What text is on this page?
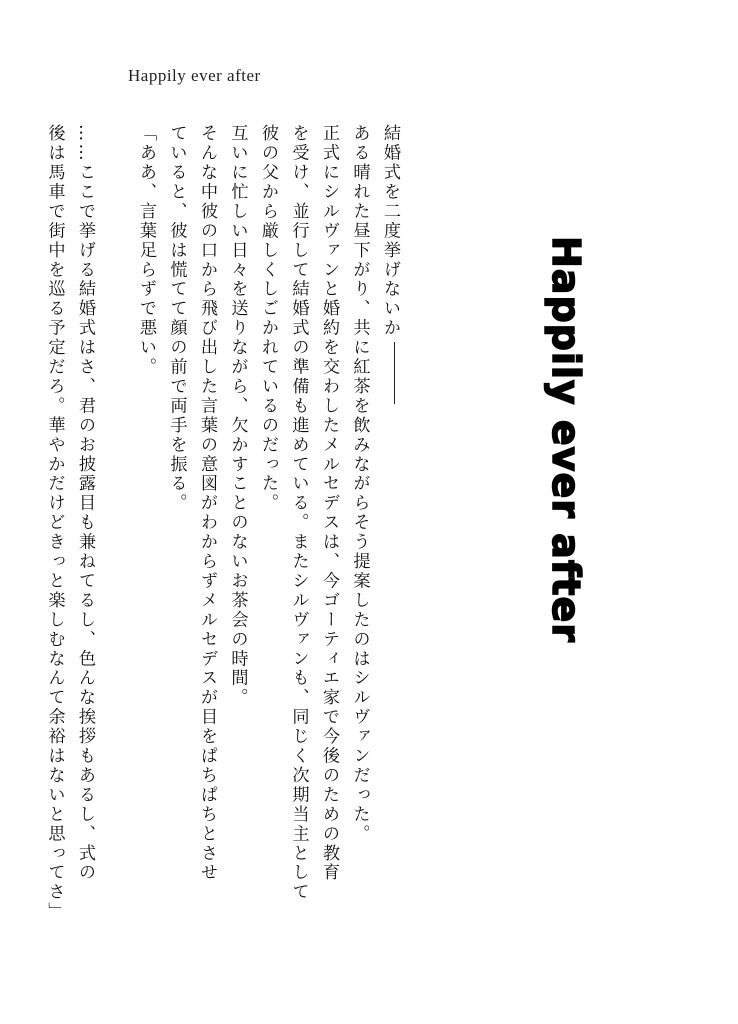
Happily ever after
Happily ever after

結婚式を二度挙げないか

ある晴れた昼下がり、共に紅茶を飲みながらそう提案したのはシルヴァンだった。

正式にシルヴァンと婚約を交わしたメルセデスは、今ゴーティエ家で今後のための教育

を受け、並行して結婚式の準備も進めている。またシルヴァンも、同じく次期当主として

彼の父から厳しくしごかれているのだった。

互いに忙しい日々を送りながら、欠かすことのないお茶会の時間。

そんな中彼の口から飛び出した言葉の意図がわからずメルセデスが目をぱちぱちとさせ

ていると、彼は慌てて顔の前で両手を振る。

「ああ、言葉足らずで悪い。

……ここで挙げる結婚式はさ、君のお披露目も兼ねてるし、色んな挨拶もあるし、式の

後は馬車で街中を巡る予定だろ。華やかだけどきっと楽しむなんて余裕はないと思ってさ」
